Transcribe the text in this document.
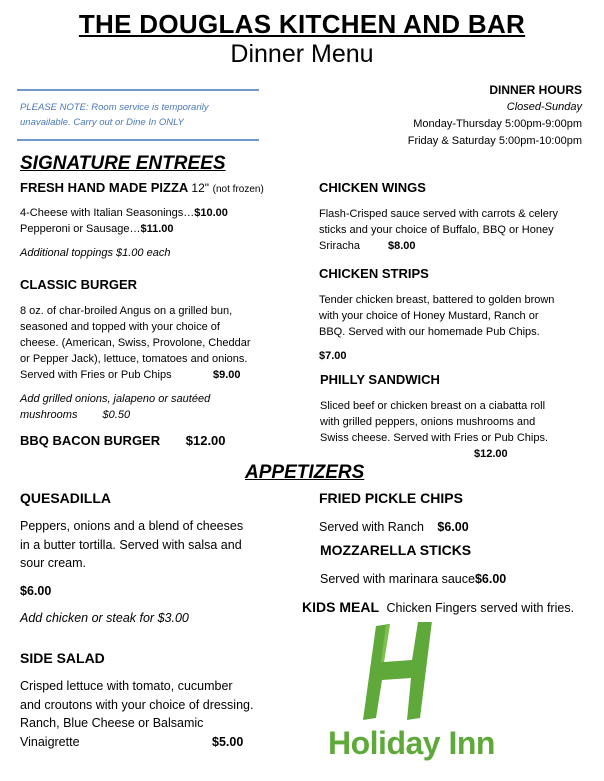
THE DOUGLAS KITCHEN AND BAR
Dinner Menu
PLEASE NOTE: Room service is temporarily unavailable. Carry out or Dine In ONLY
DINNER HOURS
Closed-Sunday
Monday-Thursday 5:00pm-9:00pm
Friday & Saturday 5:00pm-10:00pm
SIGNATURE ENTREES
FRESH HAND MADE PIZZA 12" (not frozen)
4-Cheese with Italian Seasonings…$10.00
Pepperoni or Sausage…$11.00
Additional toppings $1.00 each
CLASSIC BURGER
8 oz. of char-broiled Angus on a grilled bun,
seasoned and topped with your choice of
cheese. (American, Swiss, Provolone, Cheddar
or Pepper Jack), lettuce, tomatoes and onions.
Served with Fries or Pub Chips	$9.00
Add grilled onions, jalapeno or sautéed
mushrooms $0.50
BBQ BACON BURGER $12.00
CHICKEN WINGS
Flash-Crisped sauce served with carrots & celery
sticks and your choice of Buffalo, BBQ or Honey
Sriracha	$8.00
CHICKEN STRIPS
Tender chicken breast, battered to golden brown
with your choice of Honey Mustard, Ranch or
BBQ. Served with our homemade Pub Chips.
$7.00
PHILLY SANDWICH
Sliced beef or chicken breast on a ciabatta roll
with grilled peppers, onions mushrooms and
Swiss cheese. Served with Fries or Pub Chips.
$12.00
APPETIZERS
QUESADILLA
Peppers, onions and a blend of cheeses
in a butter tortilla. Served with salsa and
sour cream.
$6.00
Add chicken or steak for $3.00
SIDE SALAD
Crisped lettuce with tomato, cucumber
and croutons with your choice of dressing.
Ranch, Blue Cheese or Balsamic
Vinaigrette	$5.00
FRIED PICKLE CHIPS
Served with Ranch $6.00
MOZZARELLA STICKS
Served with marinara sauce$6.00
KIDS MEAL Chicken Fingers served with fries.
Holiday Inn
